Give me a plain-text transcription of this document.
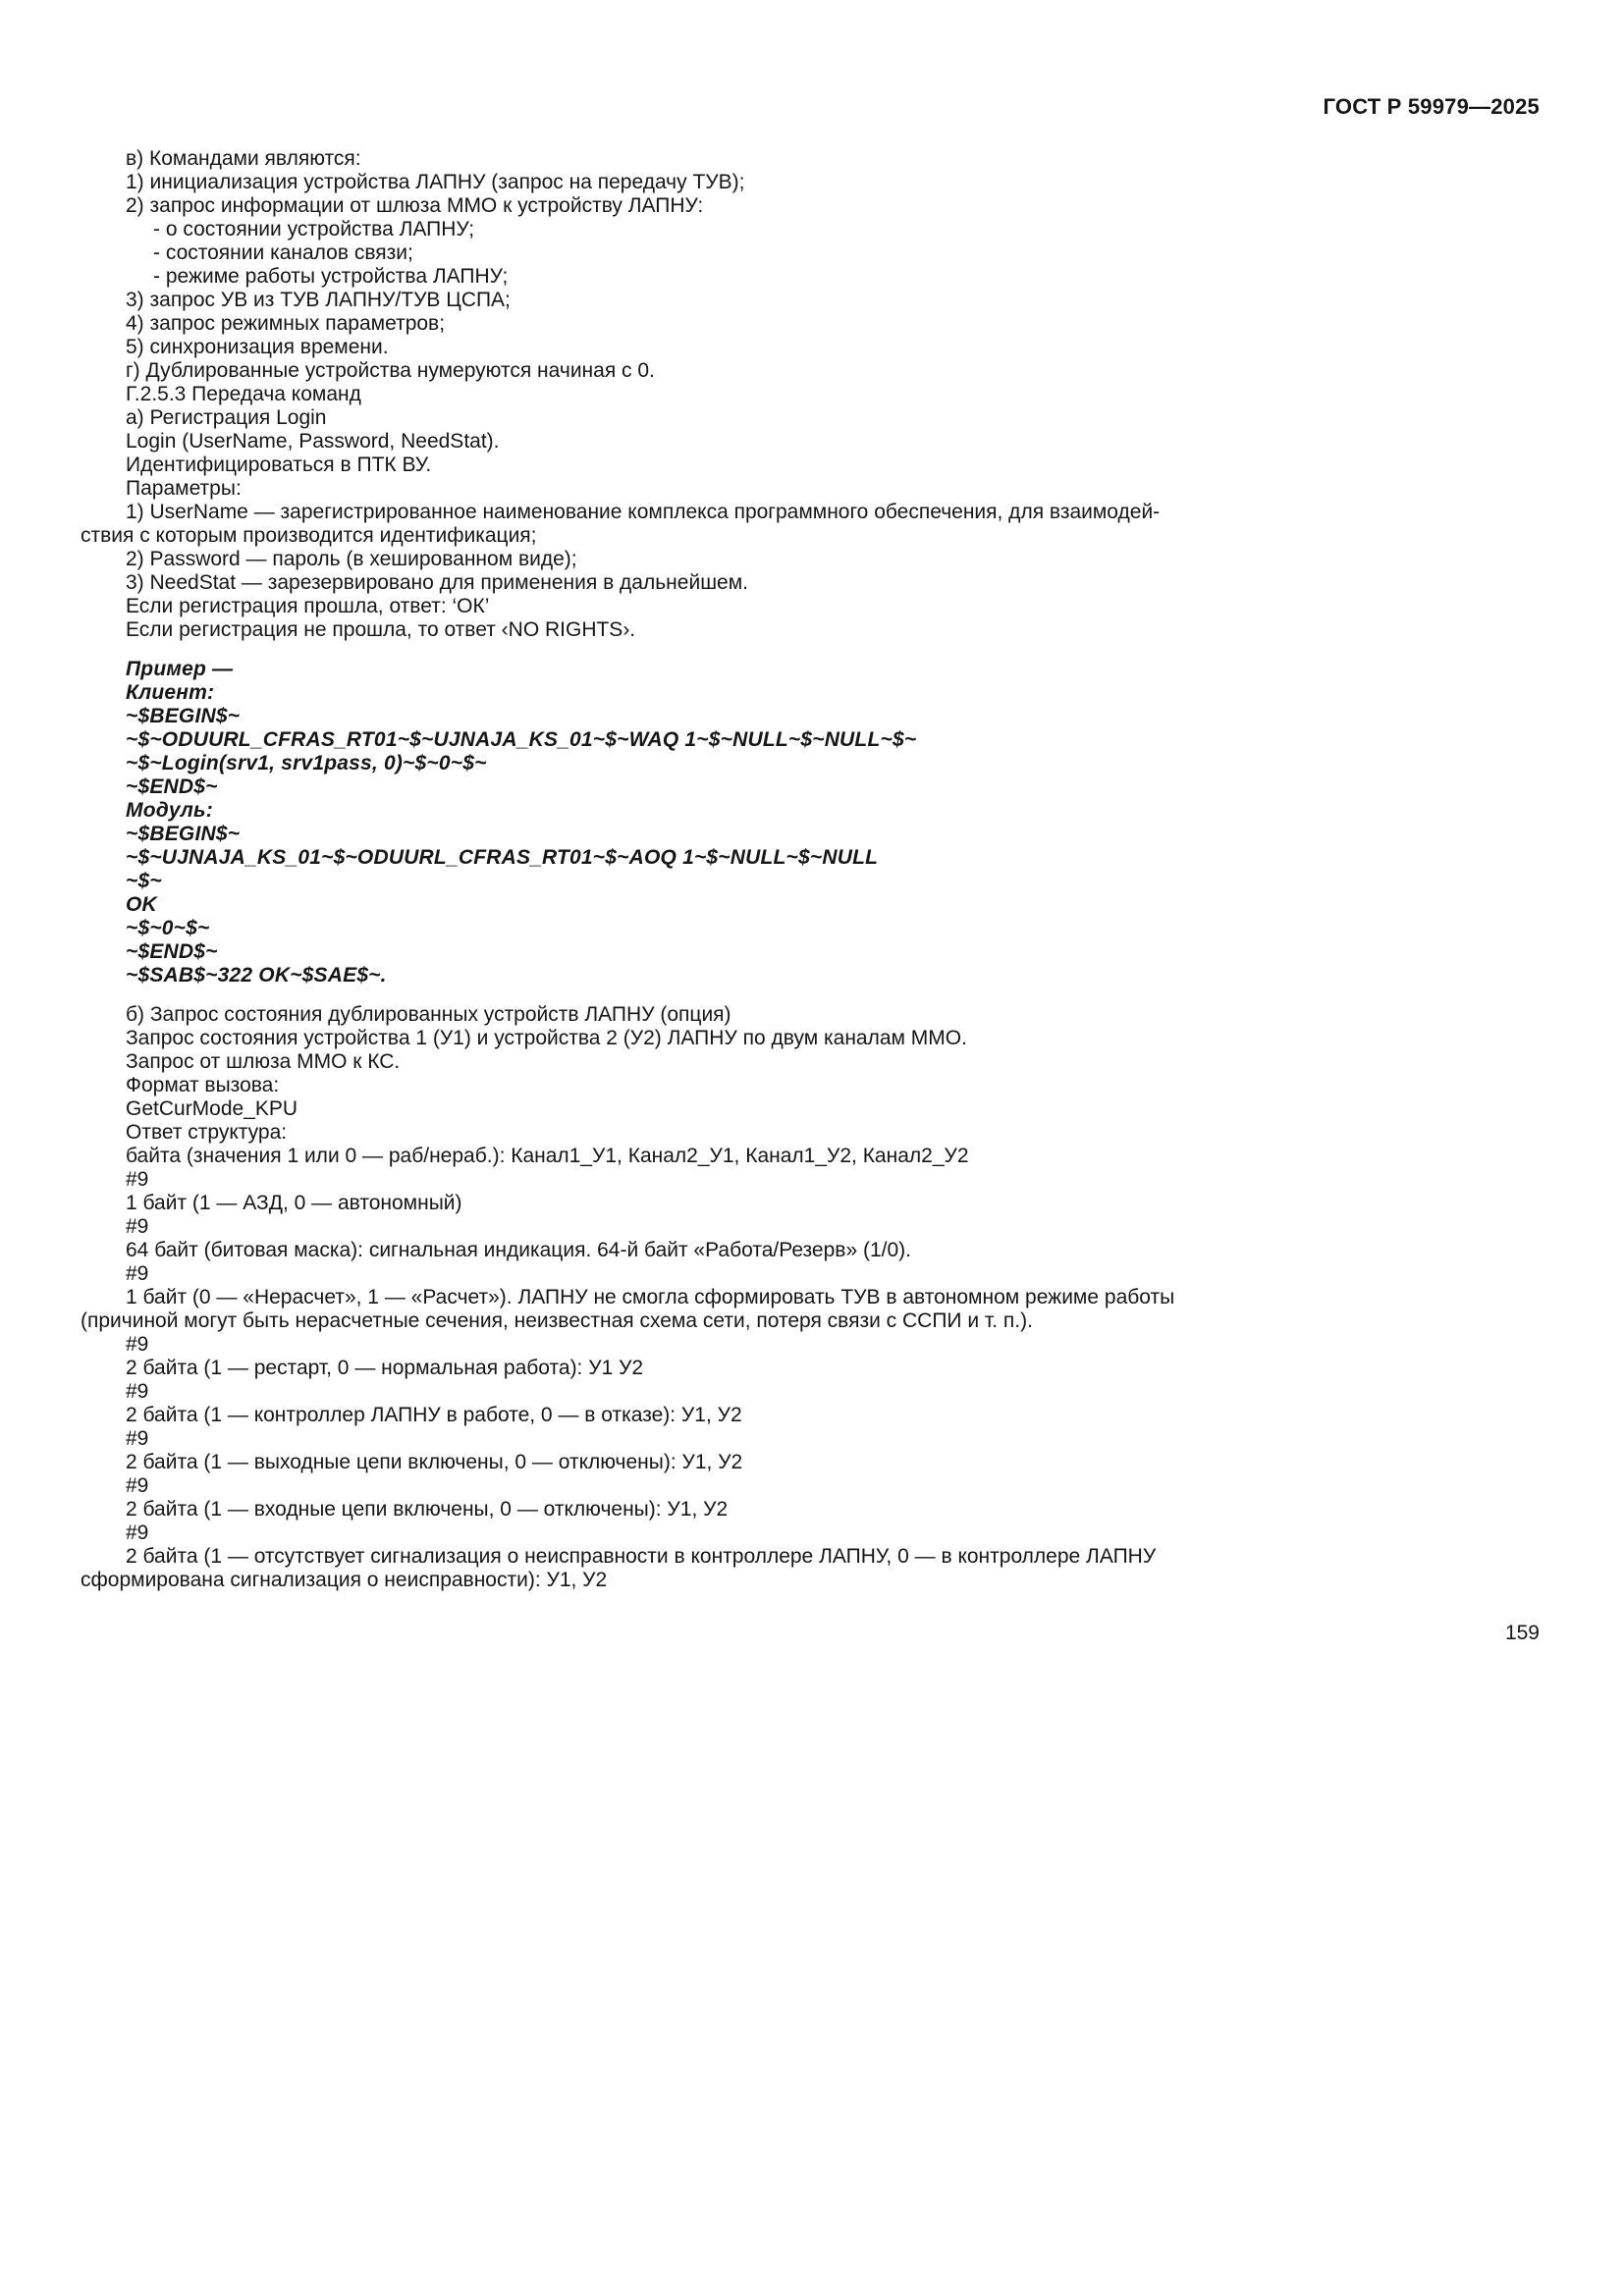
ГОСТ Р 59979—2025

в) Командами являются:

1) инициализация устройства ЛАПНУ (запрос на передачу ТУВ);

2) запрос информации от шлюза ММО к устройству ЛАПНУ:

- о состоянии устройства ЛАПНУ;

- состоянии каналов связи;

- режиме работы устройства ЛАПНУ;

3) запрос УВ из ТУВ ЛАПНУ/ТУВ ЦСПА;

4) запрос режимных параметров;

5) синхронизация времени.

г) Дублированные устройства нумеруются начиная с 0.

Г.2.5.3 Передача команд

а) Регистрация Login

Login (UserName, Password, NeedStat).

Идентифицироваться в ПТК ВУ.

Параметры:

1) UserName — зарегистрированное наименование комплекса программного обеспечения, для взаимодей-

ствия с которым производится идентификация;

2) Password — пароль (в хешированном виде);

3) NeedStat — зарезервировано для применения в дальнейшем.

Если регистрация прошла, ответ: ‘ОК’

Если регистрация не прошла, то ответ ‹NO RIGHTS›.

Пример —

Клиент:

~$BEGIN$~

~$~ODUURL_CFRAS_RT01~$~UJNAJA_KS_01~$~WAQ 1~$~NULL~$~NULL~$~

~$~Login(srv1, srv1pass, 0)~$~0~$~

~$END$~

Модуль:

~$BEGIN$~

~$~UJNAJA_KS_01~$~ODUURL_CFRAS_RT01~$~AOQ 1~$~NULL~$~NULL

~$~

OK

~$~0~$~

~$END$~

~$SAB$~322 OK~$SAE$~.

б) Запрос состояния дублированных устройств ЛАПНУ (опция)

Запрос состояния устройства 1 (У1) и устройства 2 (У2) ЛАПНУ по двум каналам ММО.

Запрос от шлюза ММО к КС.

Формат вызова:

GetCurMode_KPU

Ответ структура:

байта (значения 1 или 0 — раб/нераб.): Канал1_У1, Канал2_У1, Канал1_У2, Канал2_У2

#9

1 байт (1 — АЗД, 0 — автономный)

#9

64 байт (битовая маска): сигнальная индикация. 64-й байт «Работа/Резерв» (1/0).

#9

1 байт (0 — «Нерасчет», 1 — «Расчет»). ЛАПНУ не смогла сформировать ТУВ в автономном режиме работы

(причиной могут быть нерасчетные сечения, неизвестная схема сети, потеря связи с ССПИ и т. п.).

#9

2 байта (1 — рестарт, 0 — нормальная работа): У1 У2

#9

2 байта (1 — контроллер ЛАПНУ в работе, 0 — в отказе): У1, У2

#9

2 байта (1 — выходные цепи включены, 0 — отключены): У1, У2

#9

2 байта (1 — входные цепи включены, 0 — отключены): У1, У2

#9

2 байта (1 — отсутствует сигнализация о неисправности в контроллере ЛАПНУ, 0 — в контроллере ЛАПНУ

сформирована сигнализация о неисправности): У1, У2

159
